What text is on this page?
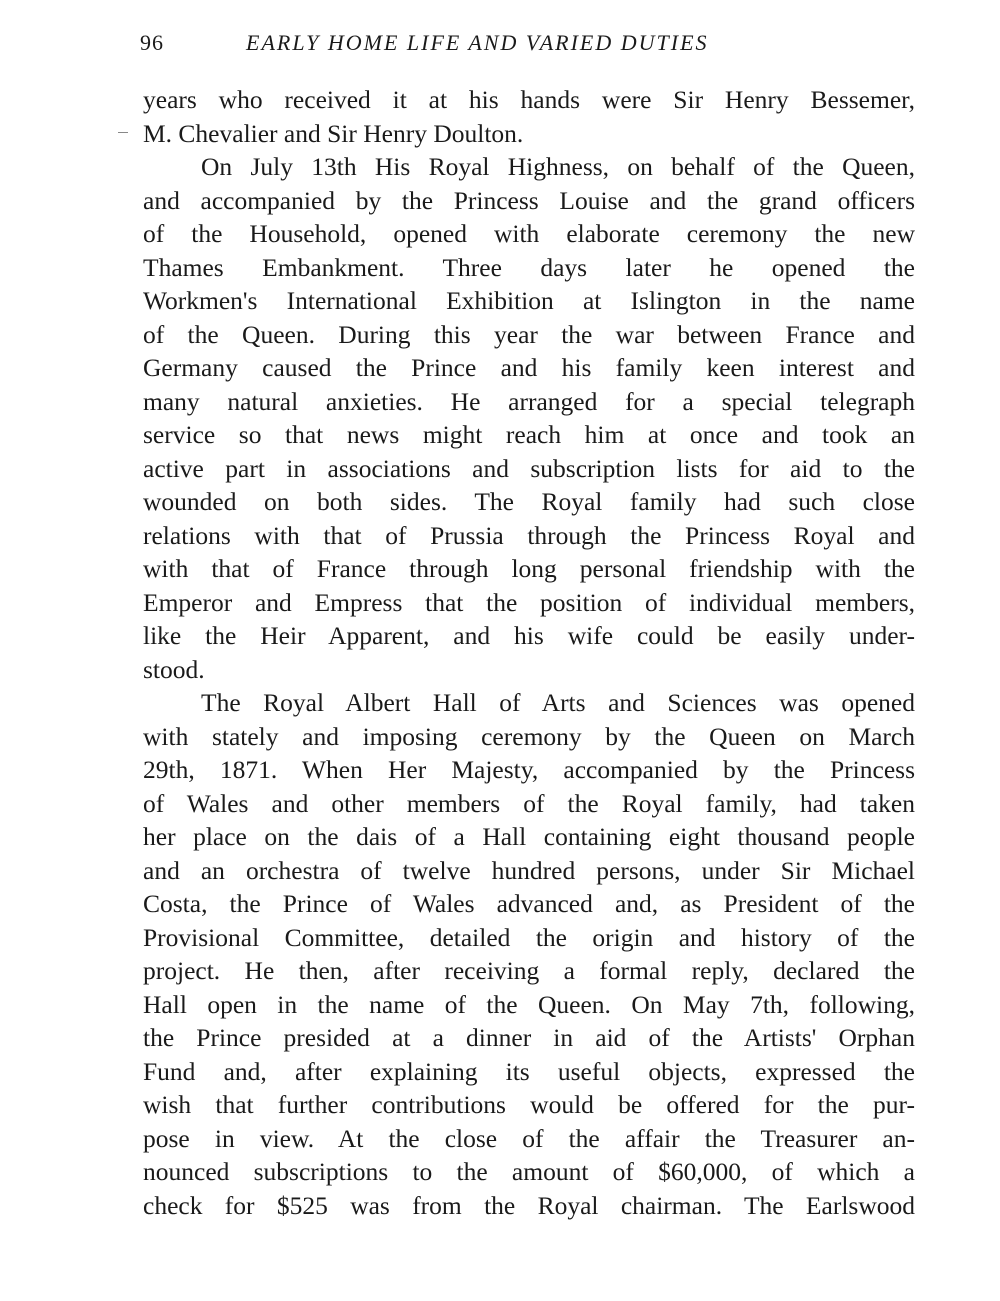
96	EARLY HOME LIFE AND VARIED DUTIES
years who received it at his hands were Sir Henry Bessemer,
M. Chevalier and Sir Henry Doulton.
On July 13th His Royal Highness, on behalf of the Queen,
and accompanied by the Princess Louise and the grand officers
of the Household, opened with elaborate ceremony the new
Thames Embankment. Three days later he opened the
Workmen's International Exhibition at Islington in the name
of the Queen. During this year the war between France and
Germany caused the Prince and his family keen interest and
many natural anxieties. He arranged for a special telegraph
service so that news might reach him at once and took an
active part in associations and subscription lists for aid to the
wounded on both sides. The Royal family had such close
relations with that of Prussia through the Princess Royal and
with that of France through long personal friendship with the
Emperor and Empress that the position of individual members,
like the Heir Apparent, and his wife could be easily under-
stood.
The Royal Albert Hall of Arts and Sciences was opened
with stately and imposing ceremony by the Queen on March
29th, 1871. When Her Majesty, accompanied by the Princess
of Wales and other members of the Royal family, had taken
her place on the dais of a Hall containing eight thousand people
and an orchestra of twelve hundred persons, under Sir Michael
Costa, the Prince of Wales advanced and, as President of the
Provisional Committee, detailed the origin and history of the
project. He then, after receiving a formal reply, declared the
Hall open in the name of the Queen. On May 7th, following,
the Prince presided at a dinner in aid of the Artists' Orphan
Fund and, after explaining its useful objects, expressed the
wish that further contributions would be offered for the pur-
pose in view. At the close of the affair the Treasurer an-
nounced subscriptions to the amount of $60,000, of which a
check for $525 was from the Royal chairman. The Earlswood
